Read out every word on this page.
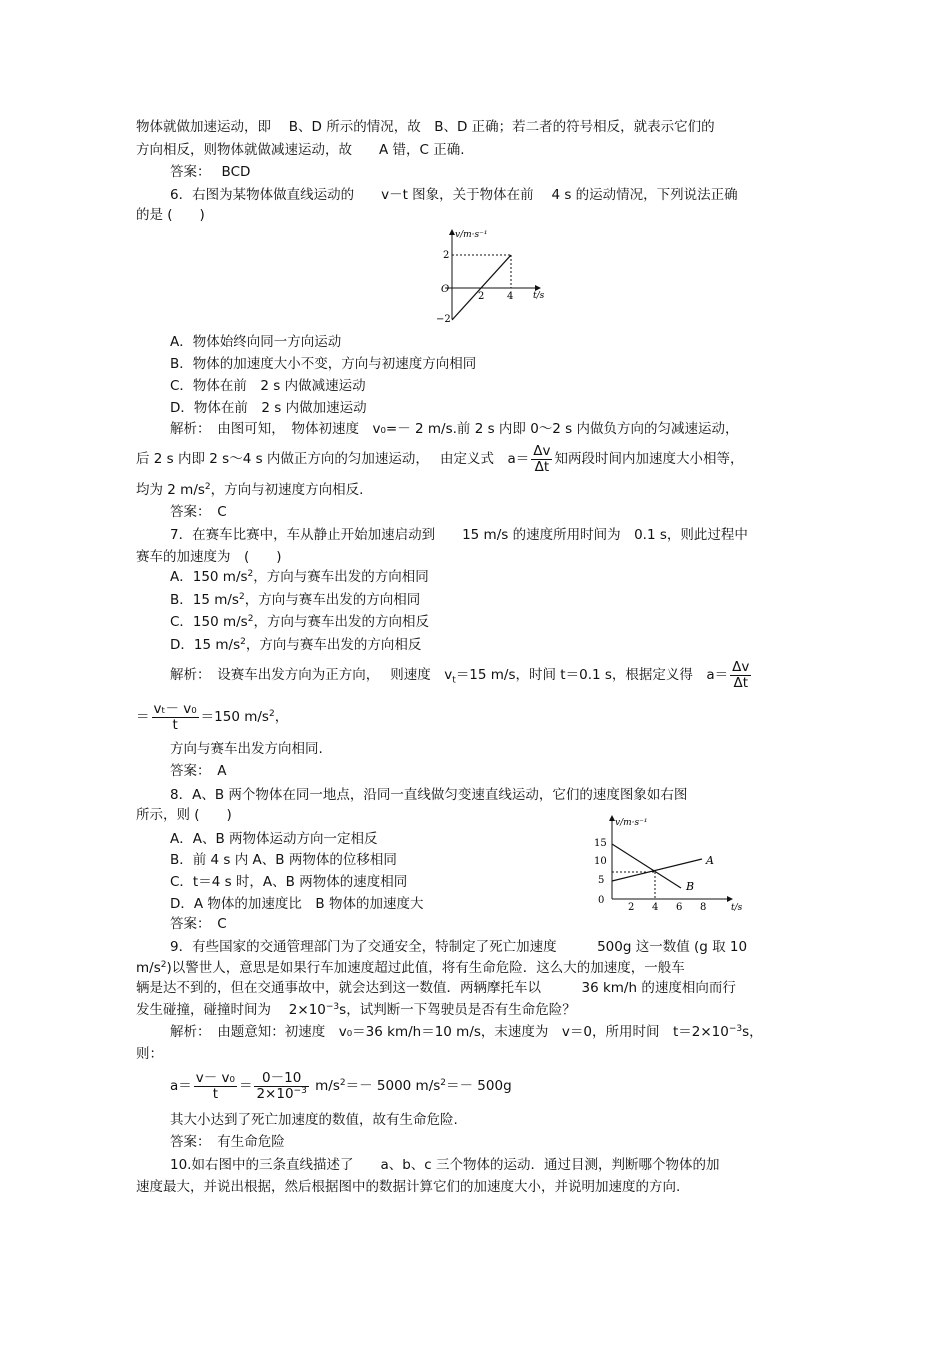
物体就做加速运动，即　 B、D 所示的情况，故　B、D 正确；若二者的符号相反，就表示它们的
方向相反，则物体就做减速运动，故　　A 错，C 正确.
答案：　 BCD
6．右图为某物体做直线运动的　　v－t 图象，关于物体在前　 4 s 的运动情况，下列说法正确
的是 (　　)
v/m·s⁻¹
t/s
O
2
−2
2 4
A．物体始终向同一方向运动
B．物体的加速度大小不变，方向与初速度方向相同
C．物体在前　2 s 内做减速运动
D．物体在前　2 s 内做加速运动
解析：　由图可知，　物体初速度　v₀=－ 2 m/s.前 2 s 内即 0～2 s 内做负方向的匀减速运动，
后 2 s 内即 2 s～4 s 内做正方向的匀加速运动，　 由定义式　$a= \frac{\Delta v}{\Delta t}$ 知两段时间内加速度大小相等，
均为 2 $m/s^2$，方向与初速度方向相反.
答案：　C
7．在赛车比赛中，车从静止开始加速启动到　　15 m/s 的速度所用时间为　0.1 s，则此过程中
赛车的加速度为　(　　)
A．150 $m/s^2$，方向与赛车出发的方向相同
B．15 $m/s^2$，方向与赛车出发的方向相同
C．150 $m/s^2$，方向与赛车出发的方向相反
D．15 $m/s^2$，方向与赛车出发的方向相反
解析：　设赛车出发方向为正方向，　 则速度　$v_t=15$ m/s，时间 t＝0.1 s，根据定义得　$a= \frac{\Delta v}{\Delta t}$
＝ $\frac{\text{vₜ－ v₀}}{t} =150$ $m/s^2$，
方向与赛车出发方向相同.
答案：　A
8．A、B 两个物体在同一地点，沿同一直线做匀变速直线运动，它们的速度图象如右图
所示，则 (　　)
A．A、B 两物体运动方向一定相反
B．前 4 s 内 A、B 两物体的位移相同
C．t＝4 s 时，A、B 两物体的速度相同
D．A 物体的加速度比　B 物体的加速度大
答案：　C
v/m·s⁻¹
t/s
15
10
5
0
2 4 6 8
A
B
9．有些国家的交通管理部门为了交通安全，特制定了死亡加速度　　　500g 这一数值 (g 取 10
$m/s^2$)以警世人，意思是如果行车加速度超过此值，将有生命危险．这么大的加速度，一般车
辆是达不到的，但在交通事故中，就会达到这一数值．两辆摩托车以　　　36 km/h 的速度相向而行
发生碰撞，碰撞时间为　 $2\times 10^{-3}s$，试判断一下驾驶员是否有生命危险？
解析：　由题意知：初速度　v₀＝36 km/h＝10 m/s，末速度为　v＝0，所用时间　$t=2\times 10^{-3}s$，
则：
$a= \frac{\text{v－ v₀}}{t} = \frac{0-10}{2\times 10^{-3}} m/s^2=- 5000$ $m/s^2=- 500g$
其大小达到了死亡加速度的数值，故有生命危险.
答案：　有生命危险
10.如右图中的三条直线描述了　　a、b、c 三个物体的运动．通过目测，判断哪个物体的加
速度最大，并说出根据，然后根据图中的数据计算它们的加速度大小，并说明加速度的方向.
